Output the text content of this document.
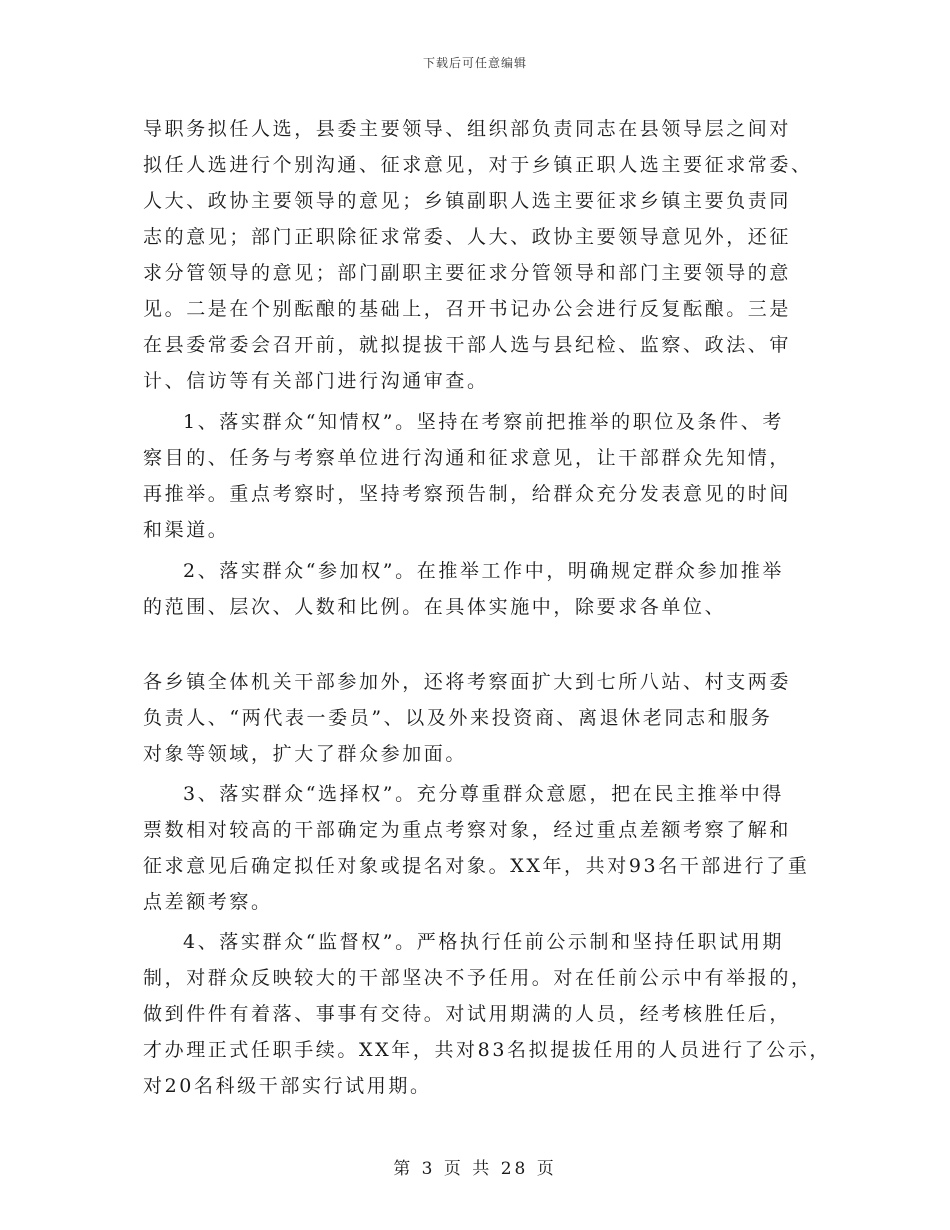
下载后可任意编辑
导职务拟任人选，县委主要领导、组织部负责同志在县领导层之间对
拟任人选进行个别沟通、征求意见，对于乡镇正职人选主要征求常委、
人大、政协主要领导的意见；乡镇副职人选主要征求乡镇主要负责同
志的意见；部门正职除征求常委、人大、政协主要领导意见外，还征
求分管领导的意见；部门副职主要征求分管领导和部门主要领导的意
见。二是在个别酝酿的基础上，召开书记办公会进行反复酝酿。三是
在县委常委会召开前，就拟提拔干部人选与县纪检、监察、政法、审
计、信访等有关部门进行沟通审查。
1、落实群众“知情权”。坚持在考察前把推举的职位及条件、考
察目的、任务与考察单位进行沟通和征求意见，让干部群众先知情，
再推举。重点考察时，坚持考察预告制，给群众充分发表意见的时间
和渠道。
2、落实群众“参加权”。在推举工作中，明确规定群众参加推举
的范围、层次、人数和比例。在具体实施中，除要求各单位、
各乡镇全体机关干部参加外，还将考察面扩大到七所八站、村支两委
负责人、“两代表一委员”、以及外来投资商、离退休老同志和服务
对象等领域，扩大了群众参加面。
3、落实群众“选择权”。充分尊重群众意愿，把在民主推举中得
票数相对较高的干部确定为重点考察对象，经过重点差额考察了解和
征求意见后确定拟任对象或提名对象。XX年，共对93名干部进行了重
点差额考察。
4、落实群众“监督权”。严格执行任前公示制和坚持任职试用期
制，对群众反映较大的干部坚决不予任用。对在任前公示中有举报的，
做到件件有着落、事事有交待。对试用期满的人员，经考核胜任后，
才办理正式任职手续。XX年，共对83名拟提拔任用的人员进行了公示，
对20名科级干部实行试用期。
第 3 页 共 28 页
